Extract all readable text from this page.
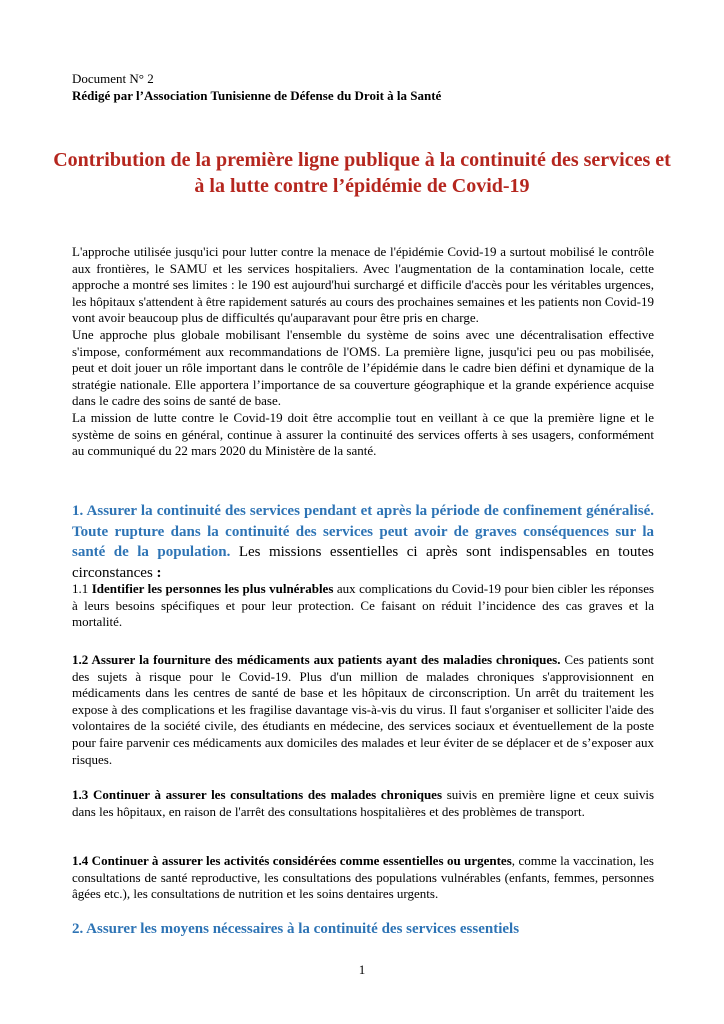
Document N° 2
Rédigé par l’Association Tunisienne de Défense du Droit à la Santé
Contribution de la première ligne publique à la continuité des services et à la lutte contre l’épidémie de Covid-19

L'approche utilisée jusqu'ici pour lutter contre la menace de l'épidémie Covid-19 a surtout mobilisé le contrôle aux frontières, le SAMU et les services hospitaliers. Avec l'augmentation de la contamination locale, cette approche a montré ses limites : le 190 est aujourd'hui surchargé et difficile d'accès pour les véritables urgences, les hôpitaux s'attendent à être rapidement saturés au cours des prochaines semaines et les patients non Covid-19 vont avoir beaucoup plus de difficultés qu'auparavant pour être pris en charge.

Une approche plus globale mobilisant l'ensemble du système de soins avec une décentralisation effective s'impose, conformément aux recommandations de l'OMS. La première ligne, jusqu'ici peu ou pas mobilisée, peut et doit jouer un rôle important dans le contrôle de l’épidémie dans le cadre bien défini et dynamique de la stratégie nationale. Elle apportera l’importance de sa couverture géographique et la grande expérience acquise dans le cadre des soins de santé de base.

La mission de lutte contre le Covid-19 doit être accomplie tout en veillant à ce que la première ligne et le système de soins en général, continue à assurer la continuité des services offerts à ses usagers, conformément au communiqué du 22 mars 2020 du Ministère de la santé.

1. Assurer la continuité des services pendant et après la période de confinement généralisé. Toute rupture dans la continuité des services peut avoir de graves conséquences sur la santé de la population. Les missions essentielles ci après sont indispensables en toutes circonstances :

1.1 Identifier les personnes les plus vulnérables aux complications du Covid-19 pour bien cibler les réponses à leurs besoins spécifiques et pour leur protection. Ce faisant on réduit l’incidence des cas graves et la mortalité.

1.2 Assurer la fourniture des médicaments aux patients ayant des maladies chroniques. Ces patients sont des sujets à risque pour le Covid-19. Plus d'un million de malades chroniques s'approvisionnent en médicaments dans les centres de santé de base et les hôpitaux de circonscription. Un arrêt du traitement les expose à des complications et les fragilise davantage vis-à-vis du virus. Il faut s'organiser et solliciter l'aide des volontaires de la société civile, des étudiants en médecine, des services sociaux et éventuellement de la poste pour faire parvenir ces médicaments aux domiciles des malades et leur éviter de se déplacer et de s’exposer aux risques.

1.3 Continuer à assurer les consultations des malades chroniques suivis en première ligne et ceux suivis dans les hôpitaux, en raison de l'arrêt des consultations hospitalières et des problèmes de transport.

1.4 Continuer à assurer les activités considérées comme essentielles ou urgentes, comme la vaccination, les consultations de santé reproductive, les consultations des populations vulnérables (enfants, femmes, personnes âgées etc.), les consultations de nutrition et les soins dentaires urgents.

2. Assurer les moyens nécessaires à la continuité des services essentiels
1
